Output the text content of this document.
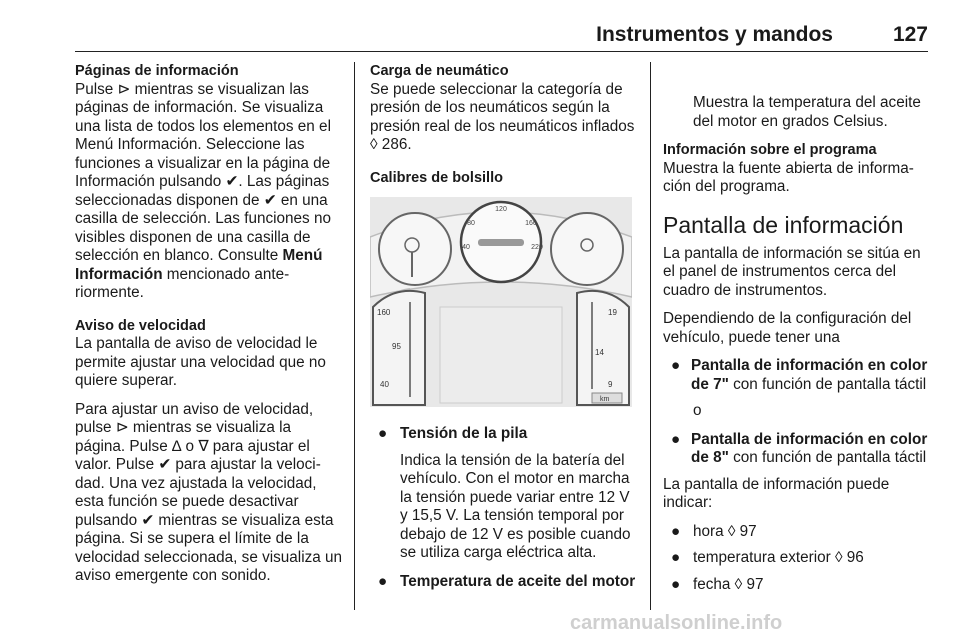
Instrumentos y mandos	127
Páginas de información

Pulse ⊳ mientras se visualizan las páginas de información. Se visualiza una lista de todos los elementos en el Menú Información. Seleccione las funciones a visualizar en la página de Información pulsando ✔. Las páginas seleccionadas disponen de ✔ en una casilla de selección. Las funciones no visibles disponen de una casilla de selección en blanco. Consulte Menú Información mencionado anteriormente.

Aviso de velocidad

La pantalla de aviso de velocidad le permite ajustar una velocidad que no quiere superar.

Para ajustar un aviso de velocidad, pulse ⊳ mientras se visualiza la página. Pulse ∆ o ∇ para ajustar el valor. Pulse ✔ para ajustar la velocidad. Una vez ajustada la velocidad, esta función se puede desactivar pulsando ✔ mientras se visualiza esta página. Si se supera el límite de la velocidad seleccionada, se visualiza un aviso emergente con sonido.

Carga de neumático

Se puede seleccionar la categoría de presión de los neumáticos según la presión real de los neumáticos inflados ◊ 286.

Calibres de bolsillo
120
80	160
40	220
160
95
40
19
14
9
km
● Tensión de la pila

Indica la tensión de la batería del vehículo. Con el motor en marcha la tensión puede variar entre 12 V y 15,5 V. La tensión temporal por debajo de 12 V es posible cuando se utiliza carga eléctrica alta.

● Temperatura de aceite del motor

Muestra la temperatura del aceite del motor en grados Celsius.

Información sobre el programa

Muestra la fuente abierta de información del programa.

Pantalla de información

La pantalla de información se sitúa en el panel de instrumentos cerca del cuadro de instrumentos.

Dependiendo de la configuración del vehículo, puede tener una

● Pantalla de información en color de 7" con función de pantalla táctil

o

● Pantalla de información en color de 8" con función de pantalla táctil

La pantalla de información puede indicar:

● hora ◊ 97
● temperatura exterior ◊ 96
● fecha ◊ 97
carmanualsonline.info
